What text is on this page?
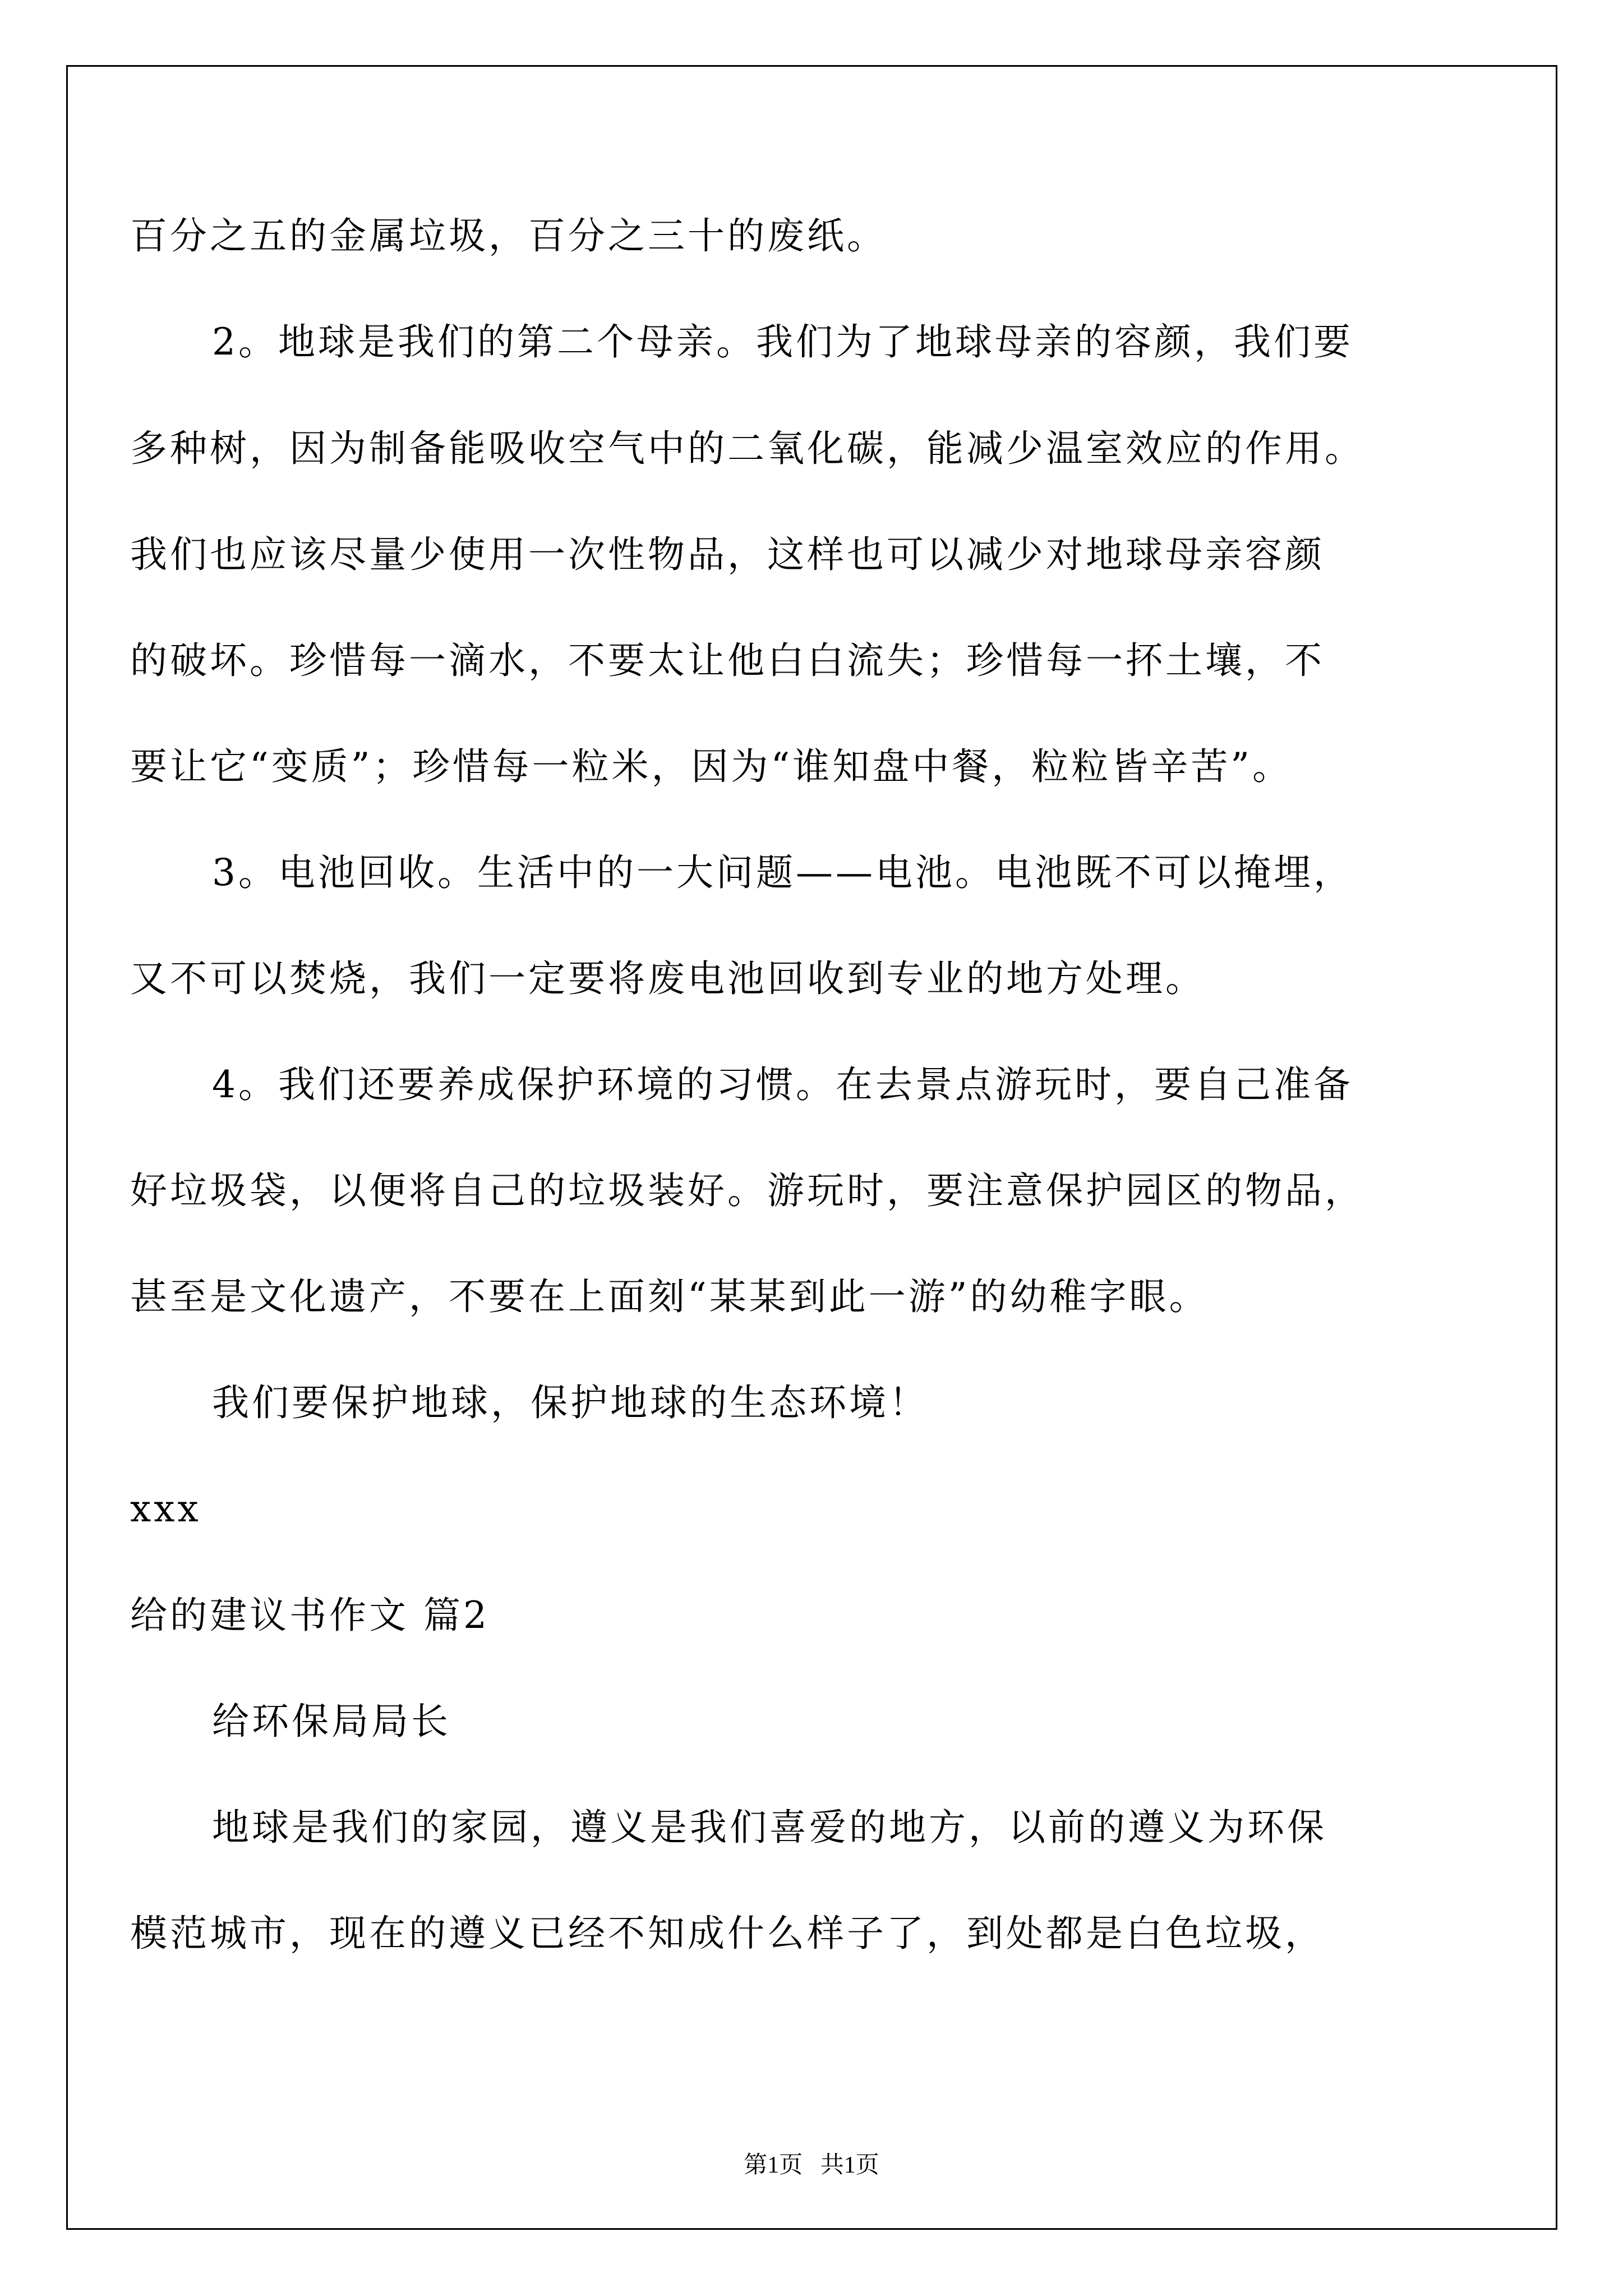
百分之五的金属垃圾，百分之三十的废纸。
2。地球是我们的第二个母亲。我们为了地球母亲的容颜，我们要
多种树，因为制备能吸收空气中的二氧化碳，能减少温室效应的作用。
我们也应该尽量少使用一次性物品，这样也可以减少对地球母亲容颜
的破坏。珍惜每一滴水，不要太让他白白流失；珍惜每一抔土壤，不
要让它“变质”；珍惜每一粒米，因为“谁知盘中餐，粒粒皆辛苦”。
3。电池回收。生活中的一大问题——电池。电池既不可以掩埋，
又不可以焚烧，我们一定要将废电池回收到专业的地方处理。
4。我们还要养成保护环境的习惯。在去景点游玩时，要自己准备
好垃圾袋，以便将自己的垃圾装好。游玩时，要注意保护园区的物品，
甚至是文化遗产，不要在上面刻“某某到此一游”的幼稚字眼。
我们要保护地球，保护地球的生态环境！
xxx
给的建议书作文 篇2
给环保局局长
地球是我们的家园，遵义是我们喜爱的地方，以前的遵义为环保
模范城市，现在的遵义已经不知成什么样子了，到处都是白色垃圾，
第1页   共1页
